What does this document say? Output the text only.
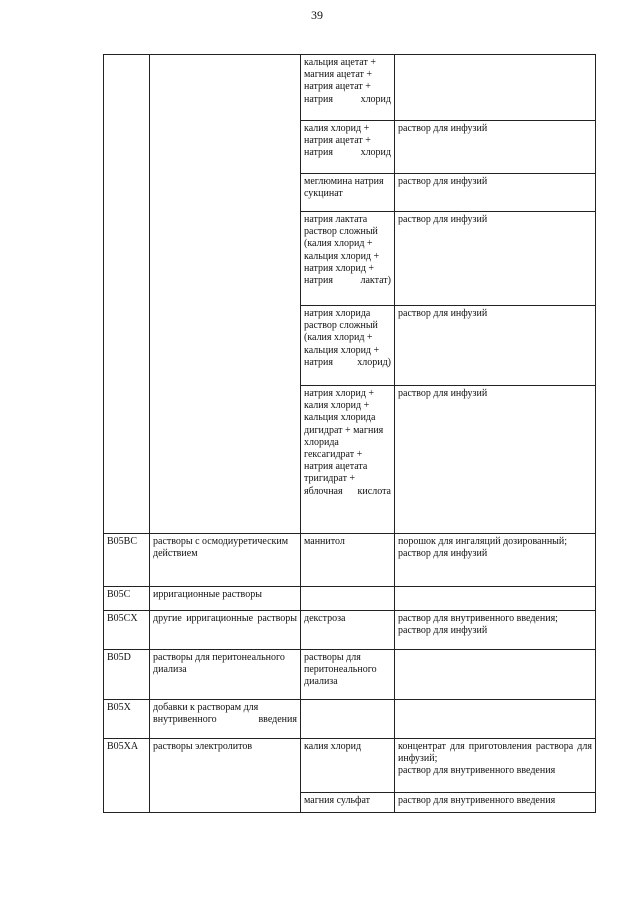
39
		кальция ацетат + магния ацетат + натрия ацетат + натрия хлорид	
		калия хлорид + натрия ацетат + натрия хлорид	раствор для инфузий
		меглюмина натрия сукцинат	раствор для инфузий
		натрия лактата раствор сложный (калия хлорид + кальция хлорид + натрия хлорид + натрия лактат)	раствор для инфузий
		натрия хлорида раствор сложный (калия хлорид + кальция хлорид + натрия хлорид)	раствор для инфузий
		натрия хлорид + калия хлорид + кальция хлорида дигидрат + магния хлорида гексагидрат + натрия ацетата тригидрат + яблочная кислота	раствор для инфузий
B05BC	растворы с осмодиуретическим действием	маннитол	порошок для ингаляций дозированный;
раствор для инфузий
B05C	ирригационные растворы		
B05CX	другие ирригационные растворы	декстроза	раствор для внутривенного введения;
раствор для инфузий
B05D	растворы для перитонеального диализа	растворы для перитонеального диализа	
B05X	добавки к растворам для внутривенного введения		
B05XA	растворы электролитов	калия хлорид	концентрат для приготовления раствора для инфузий;
раствор для внутривенного введения
		магния сульфат	раствор для внутривенного введения
